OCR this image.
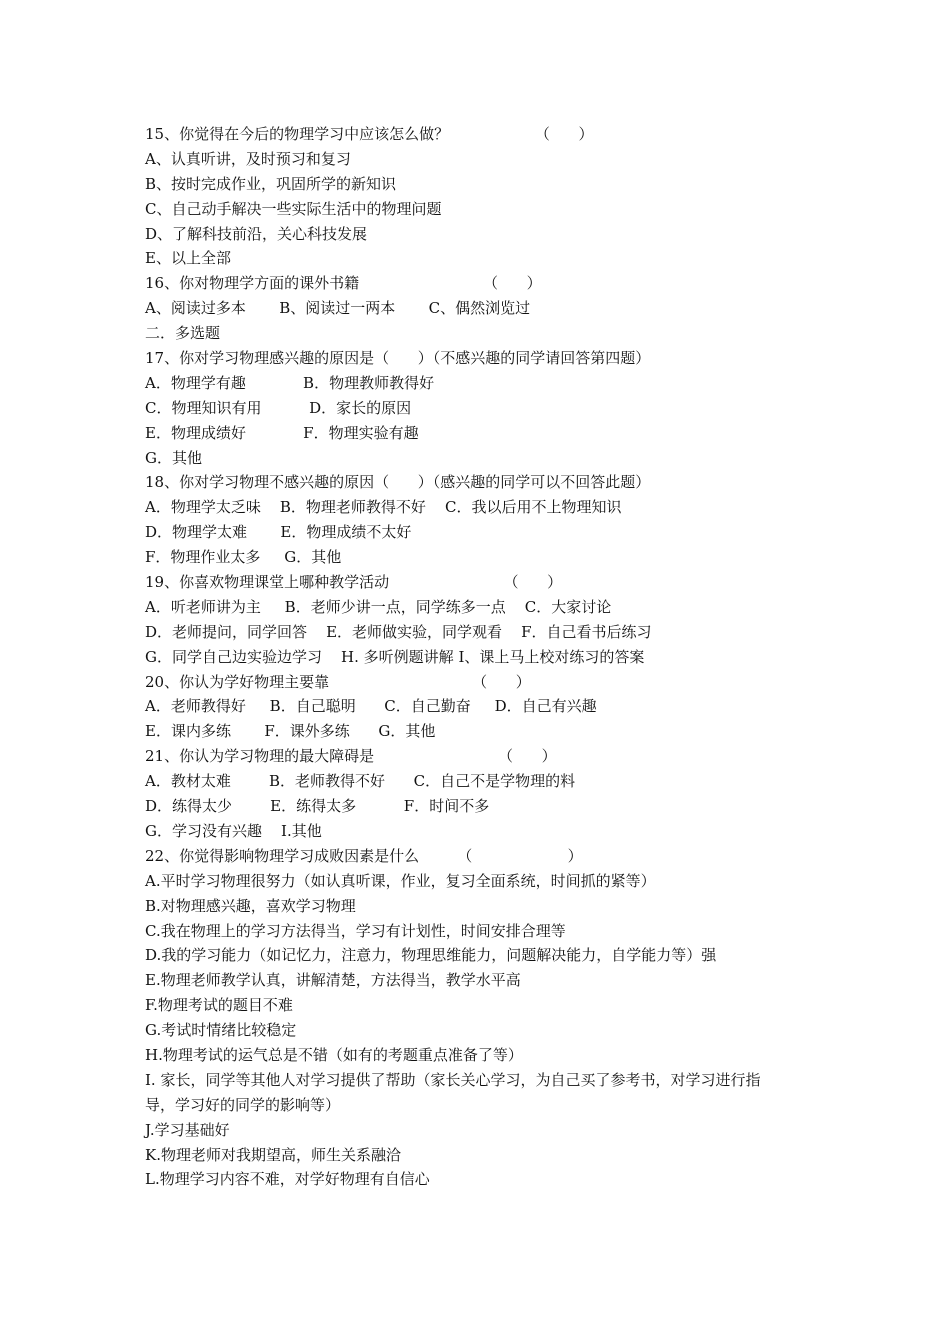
15、你觉得在今后的物理学习中应该怎么做？                  （      ）
A、认真听讲，及时预习和复习
B、按时完成作业，巩固所学的新知识
C、自己动手解决一些实际生活中的物理问题
D、了解科技前沿，关心科技发展
E、以上全部
16、你对物理学方面的课外书籍                          （      ）
A、阅读过多本       B、阅读过一两本       C、偶然浏览过
二．多选题
17、你对学习物理感兴趣的原因是（      ）（不感兴趣的同学请回答第四题）
A．物理学有趣            B．物理教师教得好
C．物理知识有用          D．家长的原因
E．物理成绩好            F．物理实验有趣
G．其他
18、你对学习物理不感兴趣的原因（      ）（感兴趣的同学可以不回答此题）
A．物理学太乏味    B．物理老师教得不好    C．我以后用不上物理知识
D．物理学太难       E．物理成绩不太好
F．物理作业太多     G．其他
19、你喜欢物理课堂上哪种教学活动                        （      ）
A．听老师讲为主     B．老师少讲一点，同学练多一点    C．大家讨论
D．老师提问，同学回答    E．老师做实验，同学观看    F．自己看书后练习
G．同学自己边实验边学习    H. 多听例题讲解 I、课上马上校对练习的答案
20、你认为学好物理主要靠                              （      ）
A．老师教得好     B．自己聪明      C．自己勤奋     D．自己有兴趣
E．课内多练       F．课外多练      G．其他
21、你认为学习物理的最大障碍是                          （      ）
A．教材太难        B．老师教得不好      C．自己不是学物理的料
D．练得太少        E．练得太多          F．时间不多
G．学习没有兴趣    I.其他
22、你觉得影响物理学习成败因素是什么        （                    ）
A.平时学习物理很努力（如认真听课，作业，复习全面系统，时间抓的紧等）
B.对物理感兴趣，喜欢学习物理
C.我在物理上的学习方法得当，学习有计划性，时间安排合理等
D.我的学习能力（如记忆力，注意力，物理思维能力，问题解决能力，自学能力等）强
E.物理老师教学认真，讲解清楚，方法得当，教学水平高
F.物理考试的题目不难
G.考试时情绪比较稳定
H.物理考试的运气总是不错（如有的考题重点准备了等）
I. 家长，同学等其他人对学习提供了帮助（家长关心学习，为自己买了参考书，对学习进行指
导，学习好的同学的影响等）
J.学习基础好
K.物理老师对我期望高，师生关系融洽
L.物理学习内容不难，对学好物理有自信心
